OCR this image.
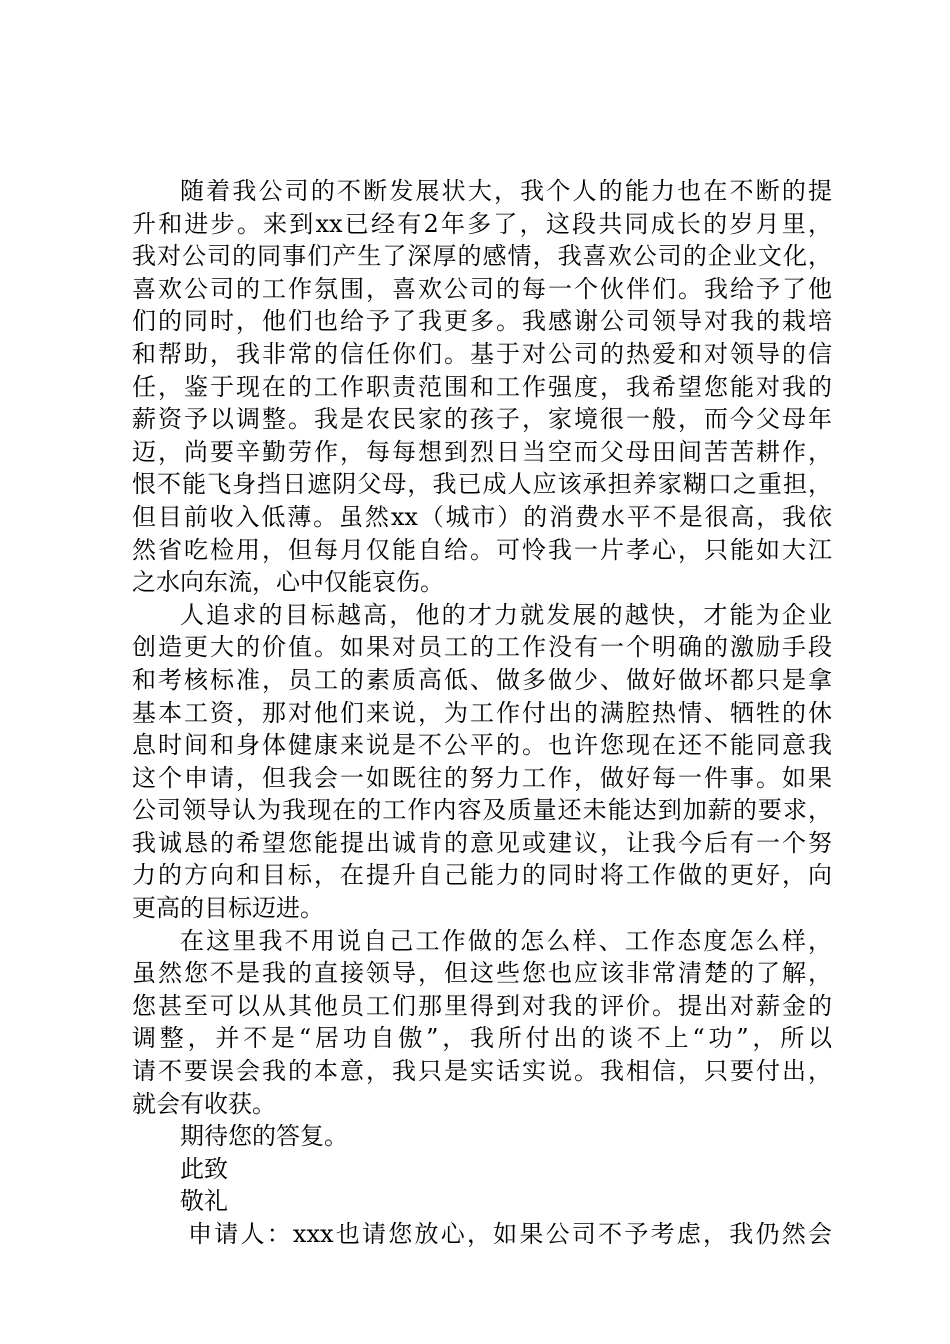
随着我公司的不断发展状大，我个人的能力也在不断的提
升和进步。来到xx已经有2年多了，这段共同成长的岁月里，
我对公司的同事们产生了深厚的感情，我喜欢公司的企业文化，
喜欢公司的工作氛围，喜欢公司的每一个伙伴们。我给予了他
们的同时，他们也给予了我更多。我感谢公司领导对我的栽培
和帮助，我非常的信任你们。基于对公司的热爱和对领导的信
任，鉴于现在的工作职责范围和工作强度，我希望您能对我的
薪资予以调整。我是农民家的孩子，家境很一般，而今父母年
迈，尚要辛勤劳作，每每想到烈日当空而父母田间苦苦耕作，
恨不能飞身挡日遮阴父母，我已成人应该承担养家糊口之重担，
但目前收入低薄。虽然xx（城市）的消费水平不是很高，我依
然省吃检用，但每月仅能自给。可怜我一片孝心，只能如大江
之水向东流，心中仅能哀伤。
人追求的目标越高，他的才力就发展的越快，才能为企业
创造更大的价值。如果对员工的工作没有一个明确的激励手段
和考核标准，员工的素质高低、做多做少、做好做坏都只是拿
基本工资，那对他们来说，为工作付出的满腔热情、牺牲的休
息时间和身体健康来说是不公平的。也许您现在还不能同意我
这个申请，但我会一如既往的努力工作，做好每一件事。如果
公司领导认为我现在的工作内容及质量还未能达到加薪的要求，
我诚恳的希望您能提出诚肯的意见或建议，让我今后有一个努
力的方向和目标，在提升自己能力的同时将工作做的更好，向
更高的目标迈进。
在这里我不用说自己工作做的怎么样、工作态度怎么样，
虽然您不是我的直接领导，但这些您也应该非常清楚的了解，
您甚至可以从其他员工们那里得到对我的评价。提出对薪金的
调整，并不是“居功自傲”，我所付出的谈不上“功”，所以
请不要误会我的本意，我只是实话实说。我相信，只要付出，
就会有收获。
期待您的答复。
此致
敬礼
申请人：xxx也请您放心，如果公司不予考虑，我仍然会
